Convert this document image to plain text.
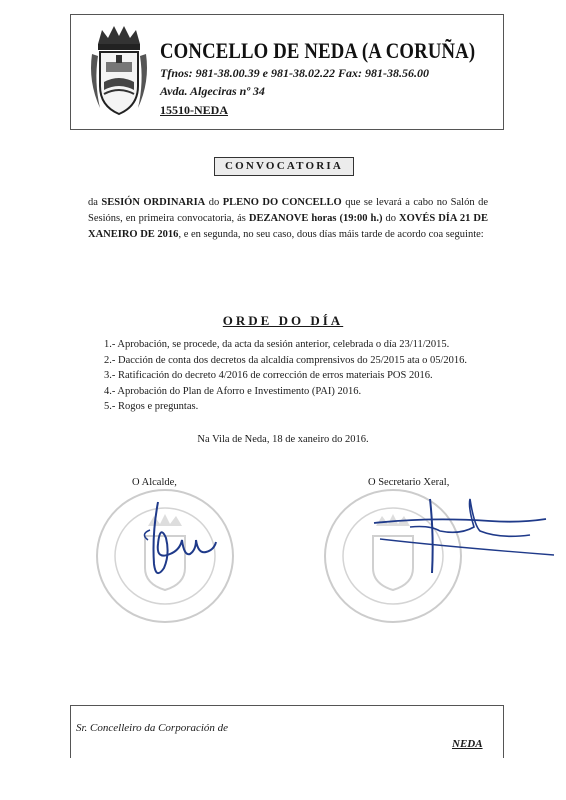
CONCELLO DE NEDA (A CORUÑA)
Tfnos: 981-38.00.39 e 981-38.02.22 Fax: 981-38.56.00
Avda. Algeciras nº 34
15510-NEDA
CONVOCATORIA
da SESIÓN ORDINARIA do PLENO DO CONCELLO que se levará a cabo no Salón de Sesións, en primeira convocatoria, ás DEZANOVE horas (19:00 h.) do XOVÉS DÍA 21 DE XANEIRO DE 2016, e en segunda, no seu caso, dous días máis tarde de acordo coa seguinte:
ORDE DO DÍA
1.- Aprobación, se procede, da acta da sesión anterior, celebrada o día 23/11/2015.
2.- Dacción de conta dos decretos da alcaldía comprensivos do 25/2015 ata o 05/2016.
3.- Ratificación do decreto 4/2016 de corrección de erros materiais POS 2016.
4.- Aprobación do Plan de Aforro e Investimento (PAI) 2016.
5.- Rogos e preguntas.
Na Vila de Neda, 18 de xaneiro do 2016.
O Alcalde,	O Secretario Xeral,
Sr. Concelleiro da Corporación de
NEDA
